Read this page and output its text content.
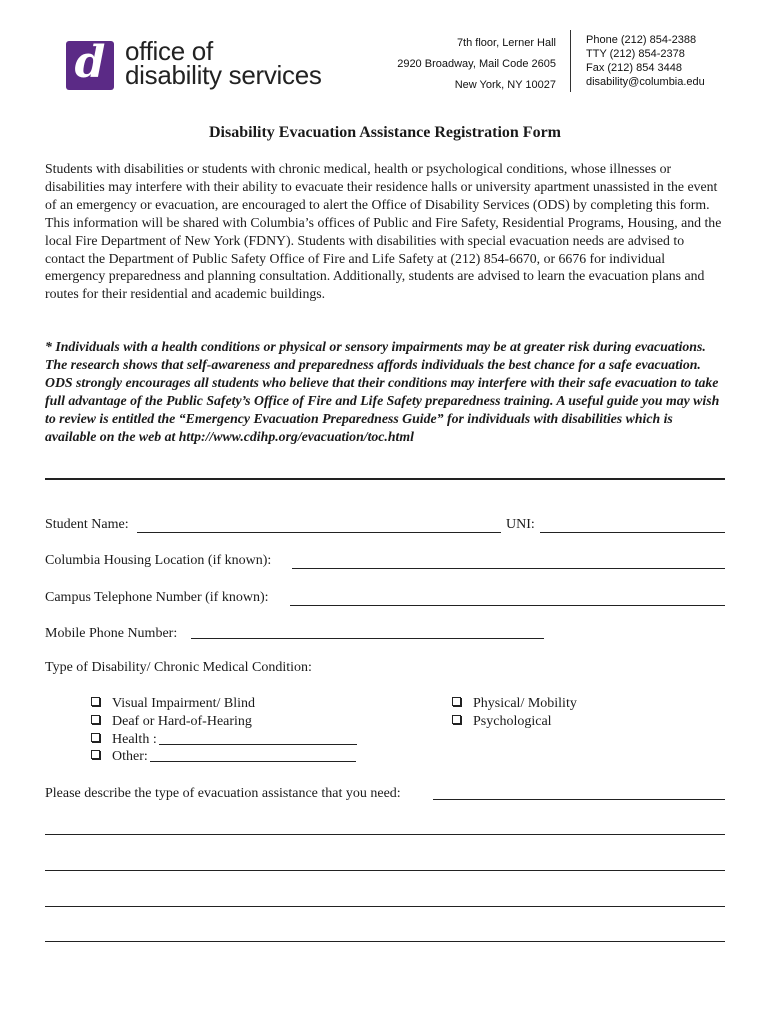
d office of
disability services
7th floor, Lerner Hall
2920 Broadway, Mail Code 2605
New York, NY 10027
Phone (212) 854-2388
TTY (212) 854-2378
Fax (212) 854 3448
disability@columbia.edu
Disability Evacuation Assistance Registration Form

Students with disabilities or students with chronic medical, health or psychological conditions, whose illnesses or disabilities may interfere with their ability to evacuate their residence halls or university apartment unassisted in the event of an emergency or evacuation, are encouraged to alert the Office of Disability Services (ODS) by completing this form. This information will be shared with Columbia’s offices of Public and Fire Safety, Residential Programs, Housing, and the local Fire Department of New York (FDNY). Students with disabilities with special evacuation needs are advised to contact the Department of Public Safety Office of Fire and Life Safety at (212) 854-6670, or 6676 for individual emergency preparedness and planning consultation. Additionally, students are advised to learn the evacuation plans and routes for their residential and academic buildings.

* Individuals with a health conditions or physical or sensory impairments may be at greater risk during evacuations. The research shows that self-awareness and preparedness affords individuals the best chance for a safe evacuation. ODS strongly encourages all students who believe that their conditions may interfere with their safe evacuation to take full advantage of the Public Safety’s Office of Fire and Life Safety preparedness training. A useful guide you may wish to review is entitled the “Emergency Evacuation Preparedness Guide” for individuals with disabilities which is available on the web at http://www.cdihp.org/evacuation/toc.html

Student Name:	UNI:
Columbia Housing Location (if known):
Campus Telephone Number (if known):
Mobile Phone Number:
Type of Disability/ Chronic Medical Condition:
Visual Impairment/ Blind
Deaf or Hard-of-Hearing
Health :
Other:
Physical/ Mobility
Psychological
Please describe the type of evacuation assistance that you need:
